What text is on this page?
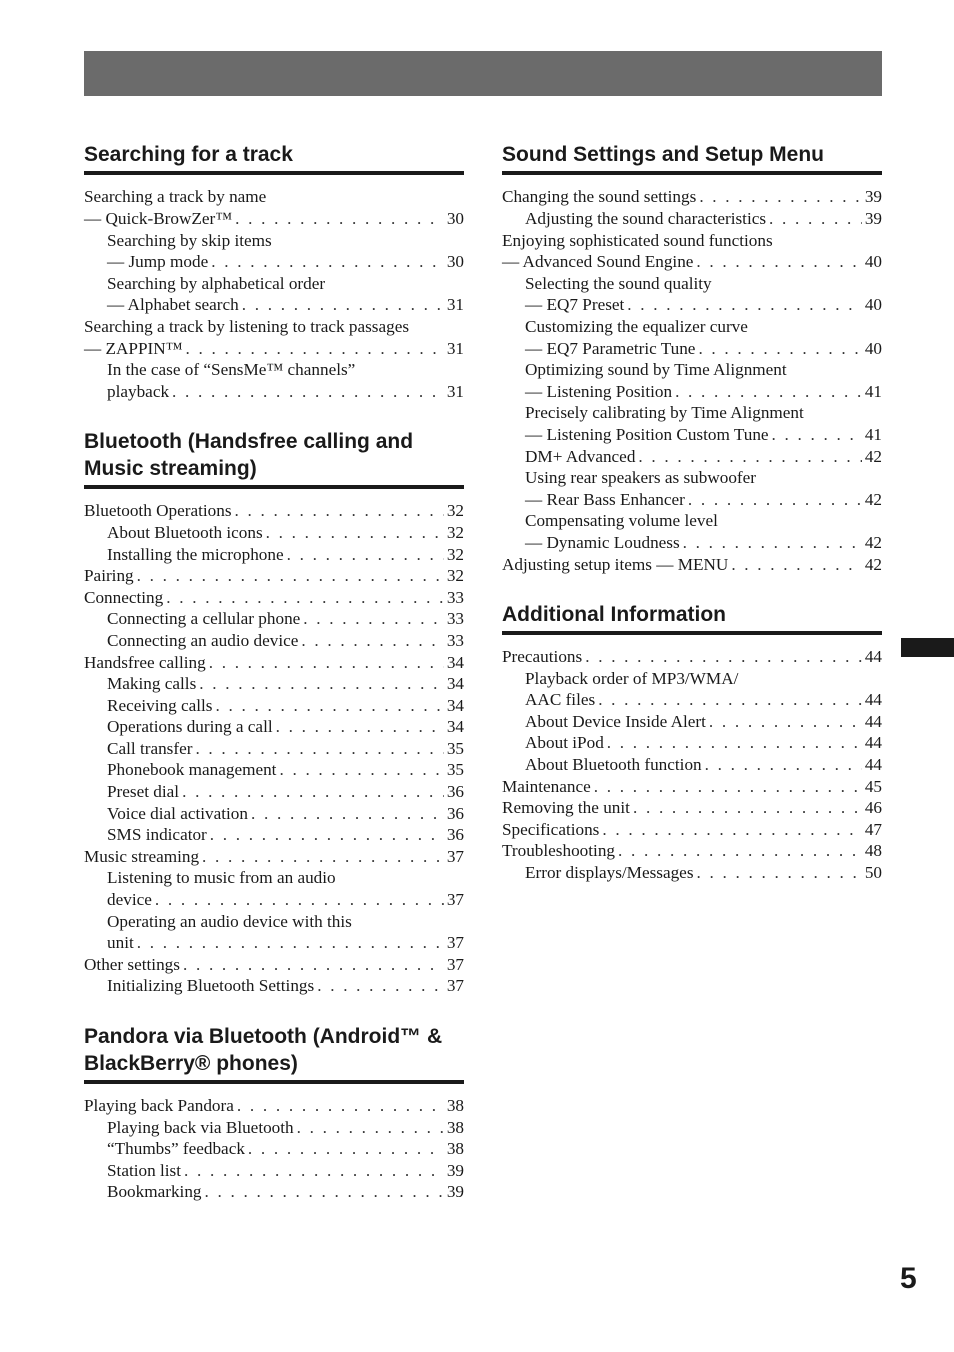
Searching for a track
Searching a track by name
— Quick-BrowZer™ . . .	30
Searching by skip items
— Jump mode . . .	30
Searching by alphabetical order
— Alphabet search . . .	31
Searching a track by listening to track passages
— ZAPPIN™ . . .	31
In the case of “SensMe™ channels”
playback . . .	31
Bluetooth (Handsfree calling and Music streaming)
Bluetooth Operations . . .	32
About Bluetooth icons . . .	32
Installing the microphone . . .	32
Pairing . . .	32
Connecting . . .	33
Connecting a cellular phone . . .	33
Connecting an audio device . . .	33
Handsfree calling . . .	34
Making calls . . .	34
Receiving calls . . .	34
Operations during a call . . .	34
Call transfer . . .	35
Phonebook management . . .	35
Preset dial . . .	36
Voice dial activation . . .	36
SMS indicator . . .	36
Music streaming . . .	37
Listening to music from an audio
device . . .	37
Operating an audio device with this
unit . . .	37
Other settings . . .	37
Initializing Bluetooth Settings . . .	37
Pandora via Bluetooth (Android™ & BlackBerry® phones)
Playing back Pandora . . .	38
Playing back via Bluetooth . . .	38
“Thumbs” feedback . . .	38
Station list . . .	39
Bookmarking . . .	39
Sound Settings and Setup Menu
Changing the sound settings . . .	39
Adjusting the sound characteristics . . .	39
Enjoying sophisticated sound functions
— Advanced Sound Engine . . .	40
Selecting the sound quality
— EQ7 Preset . . .	40
Customizing the equalizer curve
— EQ7 Parametric Tune . . .	40
Optimizing sound by Time Alignment
— Listening Position . . .	41
Precisely calibrating by Time Alignment
— Listening Position Custom Tune . . .	41
DM+ Advanced . . .	42
Using rear speakers as subwoofer
— Rear Bass Enhancer . . .	42
Compensating volume level
— Dynamic Loudness . . .	42
Adjusting setup items — MENU . . .	42
Additional Information
Precautions . . .	44
Playback order of MP3/WMA/
AAC files . . .	44
About Device Inside Alert . . .	44
About iPod . . .	44
About Bluetooth function . . .	44
Maintenance . . .	45
Removing the unit . . .	46
Specifications . . .	47
Troubleshooting . . .	48
Error displays/Messages . . .	50
5
